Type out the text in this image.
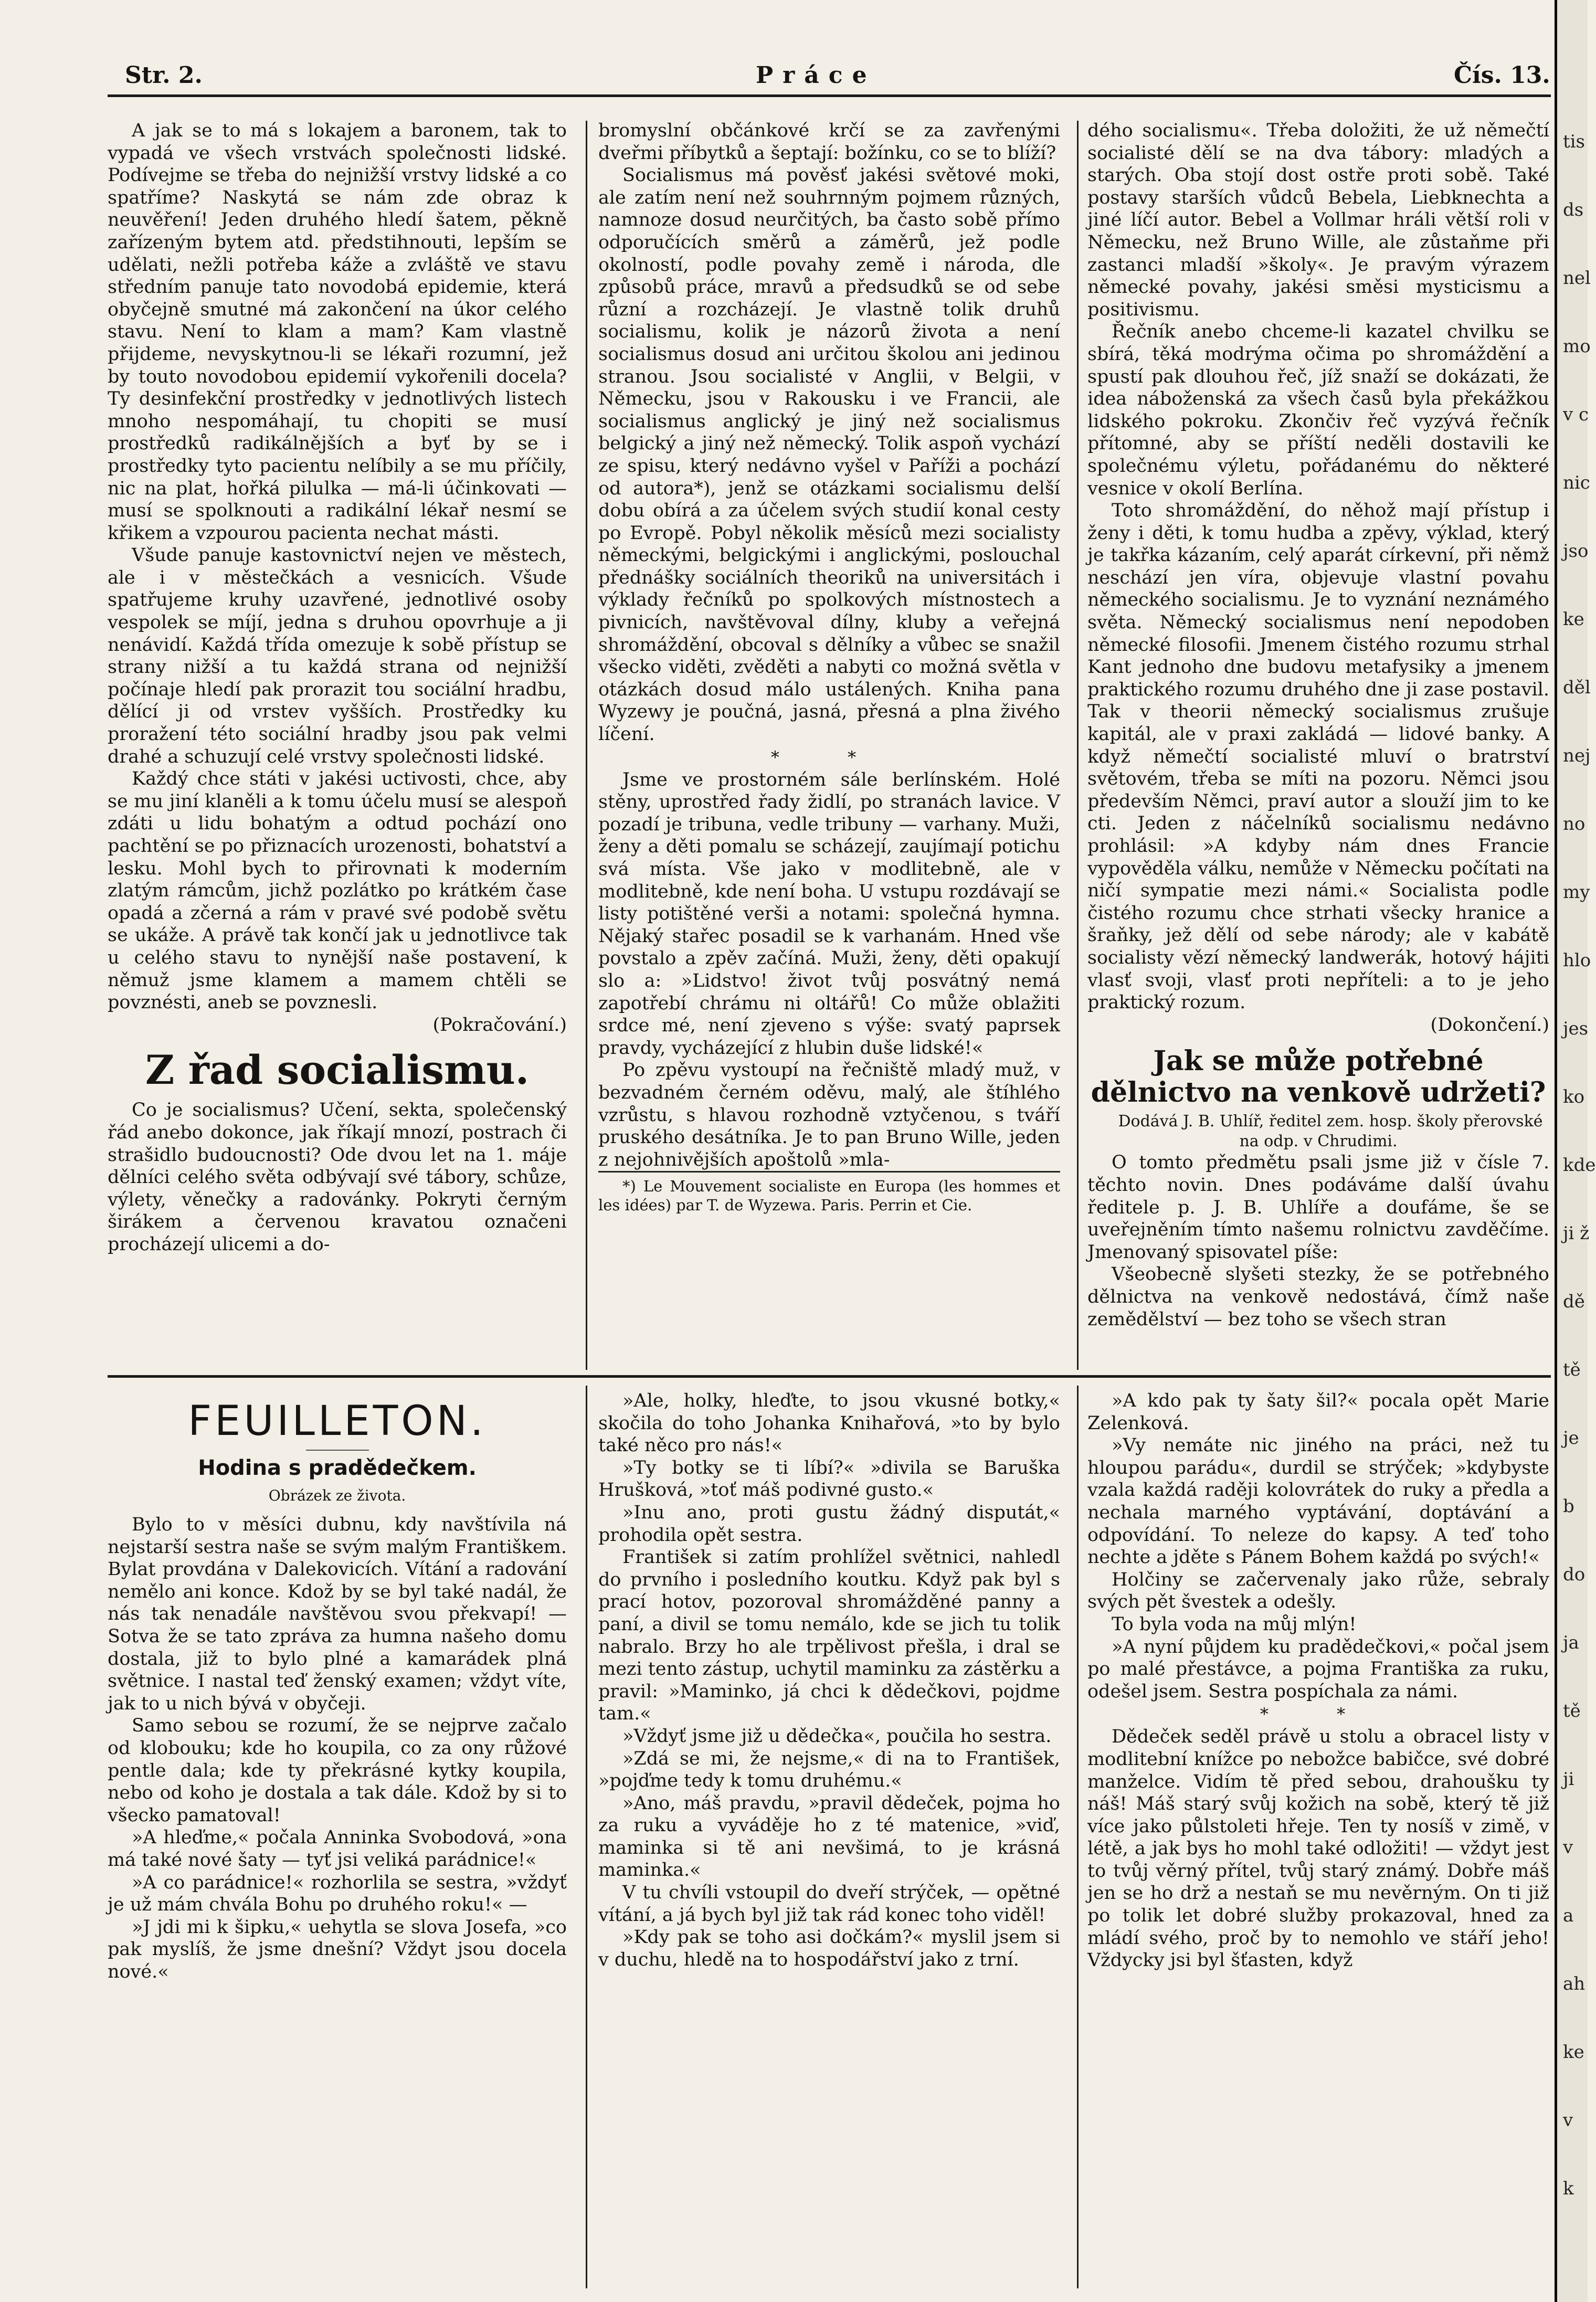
Str. 2.	Práce	Čís. 13.

A jak se to má s lokajem a baronem, tak to vypadá ve všech vrstvách společnosti lidské. Podívejme se třeba do nejnižší vrstvy lidské a co spatříme? Naskytá se nám zde obraz k neuvěření! Jeden druhého hledí šatem, pěkně zařízeným bytem atd. předstihnouti, lepším se udělati, nežli potřeba káže a zvláště ve stavu středním panuje tato novodobá epidemie, která obyčejně smutné má zakončení na úkor celého stavu. Není to klam a mam? Kam vlastně přijdeme, nevyskytnou-li se lékaři rozumní, jež by touto novodobou epidemií vykořenili docela? Ty desinfekční prostředky v jednotlivých listech mnoho nespomáhají, tu chopiti se musí prostředků radikálnějších a byť by se i prostředky tyto pacientu nelíbily a se mu příčily, nic na plat, hořká pilulka — má-li účinkovati — musí se spolknouti a radikální lékař nesmí se křikem a vzpourou pacienta nechat másti.

Všude panuje kastovnictví nejen ve městech, ale i v městečkách a vesnicích. Všude spatřujeme kruhy uzavřené, jednotlivé osoby vespolek se míjí, jedna s druhou opovrhuje a ji nenávidí. Každá třída omezuje k sobě přístup se strany nižší a tu každá strana od nejnižší počínaje hledí pak prorazit tou sociální hradbu, dělící ji od vrstev vyšších. Prostředky ku proražení této sociální hradby jsou pak velmi drahé a schuzují celé vrstvy společnosti lidské.

Každý chce státi v jakési uctivosti, chce, aby se mu jiní klaněli a k tomu účelu musí se alespoň zdáti u lidu bohatým a odtud pochází ono pachtění se po přiznacích urozenosti, bohatství a lesku. Mohl bych to přirovnati k moderním zlatým rámcům, jichž pozlátko po krátkém čase opadá a zčerná a rám v pravé své podobě světu se ukáže. A právě tak končí jak u jednotlivce tak u celého stavu to nynější naše postavení, k němuž jsme klamem a mamem chtěli se povznésti, aneb se povznesli.

(Pokračování.)

Z řad socialismu.

Co je socialismus? Učení, sekta, společenský řád anebo dokonce, jak říkají mnozí, postrach či strašidlo budoucnosti? Ode dvou let na 1. máje dělníci celého světa odbývají své tábory, schůze, výlety, věnečky a radovánky. Pokryti černým širákem a červenou kravatou označeni procházejí ulicemi a do-

bromyslní občánkové krčí se za zavřenými dveřmi příbytků a šeptají: božínku, co se to blíží?

Socialismus má pověsť jakési světové moki, ale zatím není než souhrnným pojmem různých, namnoze dosud neurčitých, ba často sobě přímo odporučících směrů a záměrů, jež podle okolností, podle povahy země i národa, dle způsobů práce, mravů a předsudků se od sebe různí a rozcházejí. Je vlastně tolik druhů socialismu, kolik je názorů života a není socialismus dosud ani určitou školou ani jedinou stranou. Jsou socialisté v Anglii, v Belgii, v Německu, jsou v Rakousku i ve Francii, ale socialismus anglický je jiný než socialismus belgický a jiný než německý. Tolik aspoň vychází ze spisu, který nedávno vyšel v Paříži a pochází od autora*), jenž se otázkami socialismu delší dobu obírá a za účelem svých studií konal cesty po Evropě. Pobyl několik měsíců mezi socialisty německými, belgickými i anglickými, poslouchal přednášky sociálních theoriků na universitách i výklady řečníků po spolkových místnostech a pivnicích, navštěvoval dílny, kluby a veřejná shromáždění, obcoval s dělníky a vůbec se snažil všecko viděti, zvěděti a nabyti co možná světla v otázkách dosud málo ustálených. Kniha pana Wyzewy je poučná, jasná, přesná a plna živého líčení.

* *

Jsme ve prostorném sále berlínském. Holé stěny, uprostřed řady židlí, po stranách lavice. V pozadí je tribuna, vedle tribuny — varhany. Muži, ženy a děti pomalu se scházejí, zaujímají potichu svá místa. Vše jako v modlitebně, ale v modlitebně, kde není boha. U vstupu rozdávají se listy potištěné verši a notami: společná hymna. Nějaký stařec posadil se k varhanám. Hned vše povstalo a zpěv začíná. Muži, ženy, děti opakují slo a: »Lidstvo! život tvůj posvátný nemá zapotřebí chrámu ni oltářů! Co může oblažiti srdce mé, není zjeveno s výše: svatý paprsek pravdy, vycházející z hlubin duše lidské!«

Po zpěvu vystoupí na řečniště mladý muž, v bezvadném černém oděvu, malý, ale štíhlého vzrůstu, s hlavou rozhodně vztyčenou, s tváří pruského desátníka. Je to pan Bruno Wille, jeden z nejohnivějších apoštolů »mla-

*) Le Mouvement socialiste en Europa (les hommes et les idées) par T. de Wyzewa. Paris. Perrin et Cie.

dého socialismu«. Třeba doložiti, že už němečtí socialisté dělí se na dva tábory: mladých a starých. Oba stojí dost ostře proti sobě. Také postavy starších vůdců Bebela, Liebknechta a jiné líčí autor. Bebel a Vollmar hráli větší roli v Německu, než Bruno Wille, ale zůstaňme při zastanci mladší »školy«. Je pravým výrazem německé povahy, jakési směsi mysticismu a positivismu.

Řečník anebo chceme-li kazatel chvilku se sbírá, těká modrýma očima po shromáždění a spustí pak dlouhou řeč, jíž snaží se dokázati, že idea náboženská za všech časů byla překážkou lidského pokroku. Zkončiv řeč vyzývá řečník přítomné, aby se příští neděli dostavili ke společnému výletu, pořádanému do některé vesnice v okolí Berlína.

Toto shromáždění, do něhož mají přístup i ženy i děti, k tomu hudba a zpěvy, výklad, který je takřka kázaním, celý aparát církevní, při němž neschází jen víra, objevuje vlastní povahu německého socialismu. Je to vyznání neznámého světa. Německý socialismus není nepodoben německé filosofii. Jmenem čistého rozumu strhal Kant jednoho dne budovu metafysiky a jmenem praktického rozumu druhého dne ji zase postavil. Tak v theorii německý socialismus zrušuje kapitál, ale v praxi zakládá — lidové banky. A když němečtí socialisté mluví o bratrství světovém, třeba se míti na pozoru. Němci jsou především Němci, praví autor a slouží jim to ke cti. Jeden z náčelníků socialismu nedávno prohlásil: »A kdyby nám dnes Francie vypověděla válku, nemůže v Německu počítati na ničí sympatie mezi námi.« Socialista podle čistého rozumu chce strhati všecky hranice a šraňky, jež dělí od sebe národy; ale v kabátě socialisty vězí německý landwerák, hotový hájiti vlasť svoji, vlasť proti nepříteli: a to je jeho praktický rozum.

(Dokončení.)

Jak se může potřebné dělnictvo na venkově udržeti?

Dodává J. B. Uhlíř, ředitel zem. hosp. školy přerovské na odp. v Chrudimi.

O tomto předmětu psali jsme již v čísle 7. těchto novin. Dnes podáváme další úvahu ředitele p. J. B. Uhlíře a doufáme, še se uveřejněním tímto našemu rolnictvu zavděčíme. Jmenovaný spisovatel píše:

Všeobecně slyšeti stezky, že se potřebného dělnictva na venkově nedostává, čímž naše zemědělství — bez toho se všech stran

FEUILLETON.
Hodina s pradědečkem.
Obrázek ze života.

Bylo to v měsíci dubnu, kdy navštívila ná nejstarší sestra naše se svým malým Františkem. Bylat provdána v Dalekovicích. Vítání a radování nemělo ani konce. Kdož by se byl také nadál, že nás tak nenadále navštěvou svou překvapí! — Sotva že se tato zpráva za humna našeho domu dostala, již to bylo plné a kamarádek plná světnice. I nastal teď ženský examen; vždyt víte, jak to u nich bývá v obyčeji.

Samo sebou se rozumí, že se nejprve začalo od klobouku; kde ho koupila, co za ony růžové pentle dala; kde ty překrásné kytky koupila, nebo od koho je dostala a tak dále. Kdož by si to všecko pamatoval!

»A hleďme,« počala Anninka Svobodová, »ona má také nové šaty — tyť jsi veliká parádnice!«

»A co parádnice!« rozhorlila se sestra, »vždyť je už mám chvála Bohu po druhého roku!« —

»J jdi mi k šipku,« uehytla se slova Josefa, »co pak myslíš, že jsme dnešní? Vždyt jsou docela nové.«

»Ale, holky, hleďte, to jsou vkusné botky,« skočila do toho Johanka Knihařová, »to by bylo také něco pro nás!«

»Ty botky se ti líbí?« »divila se Baruška Hrušková, »toť máš podivné gusto.«

»Inu ano, proti gustu žádný disputát,« prohodila opět sestra.

František si zatím prohlížel světnici, nahledl do prvního i posledního koutku. Když pak byl s prací hotov, pozoroval shromážděné panny a paní, a divil se tomu nemálo, kde se jich tu tolik nabralo. Brzy ho ale trpělivost přešla, i dral se mezi tento zástup, uchytil maminku za zástěrku a pravil: »Maminko, já chci k dědečkovi, pojdme tam.«

»Vždyť jsme již u dědečka«, poučila ho sestra.

»Zdá se mi, že nejsme,« di na to František, »pojďme tedy k tomu druhému.«

»Ano, máš pravdu, »pravil dědeček, pojma ho za ruku a vyváděje ho z té matenice, »viď, maminka si tě ani nevšimá, to je krásná maminka.«

V tu chvíli vstoupil do dveří strýček, — opětné vítání, a já bych byl již tak rád konec toho viděl!

»Kdy pak se toho asi dočkám?« myslil jsem si v duchu, hledě na to hospodářství jako z trní.

»A kdo pak ty šaty šil?« pocala opět Marie Zelenková.

»Vy nemáte nic jiného na práci, než tu hloupou parádu«, durdil se strýček; »kdybyste vzala každá raději kolovrátek do ruky a předla a nechala marného vyptávání, doptávání a odpovídání. To neleze do kapsy. A teď toho nechte a jděte s Pánem Bohem každá po svých!«

Holčiny se začervenaly jako růže, sebraly svých pět švestek a odešly.

To byla voda na můj mlýn!

»A nyní půjdem ku pradědečkovi,« počal jsem po malé přestávce, a pojma Františka za ruku, odešel jsem. Sestra pospíchala za námi.

* *

Dědeček seděl právě u stolu a obracel listy v modlitební knížce po nebožce babičce, své dobré manželce. Vidím tě před sebou, drahoušku ty náš! Máš starý svůj kožich na sobě, který tě již více jako půlstoleti hřeje. Ten ty nosíš v zimě, v létě, a jak bys ho mohl také odložiti! — vždyt jest to tvůj věrný přítel, tvůj starý známý. Dobře máš jen se ho drž a nestaň se mu nevěrným. On ti již po tolik let dobré služby prokazoval, hned za mládí svého, proč by to nemohlo ve stáří jeho! Vždycky jsi byl šťasten, když

tis
ds
nel
mo
v c
nic
jso
ke
děl
nej
no
my
hlo
jes
ko
kde
ji ž
dě
tě
je
b
do
ja
tě
ji
v
a
ah
ke
v
k
